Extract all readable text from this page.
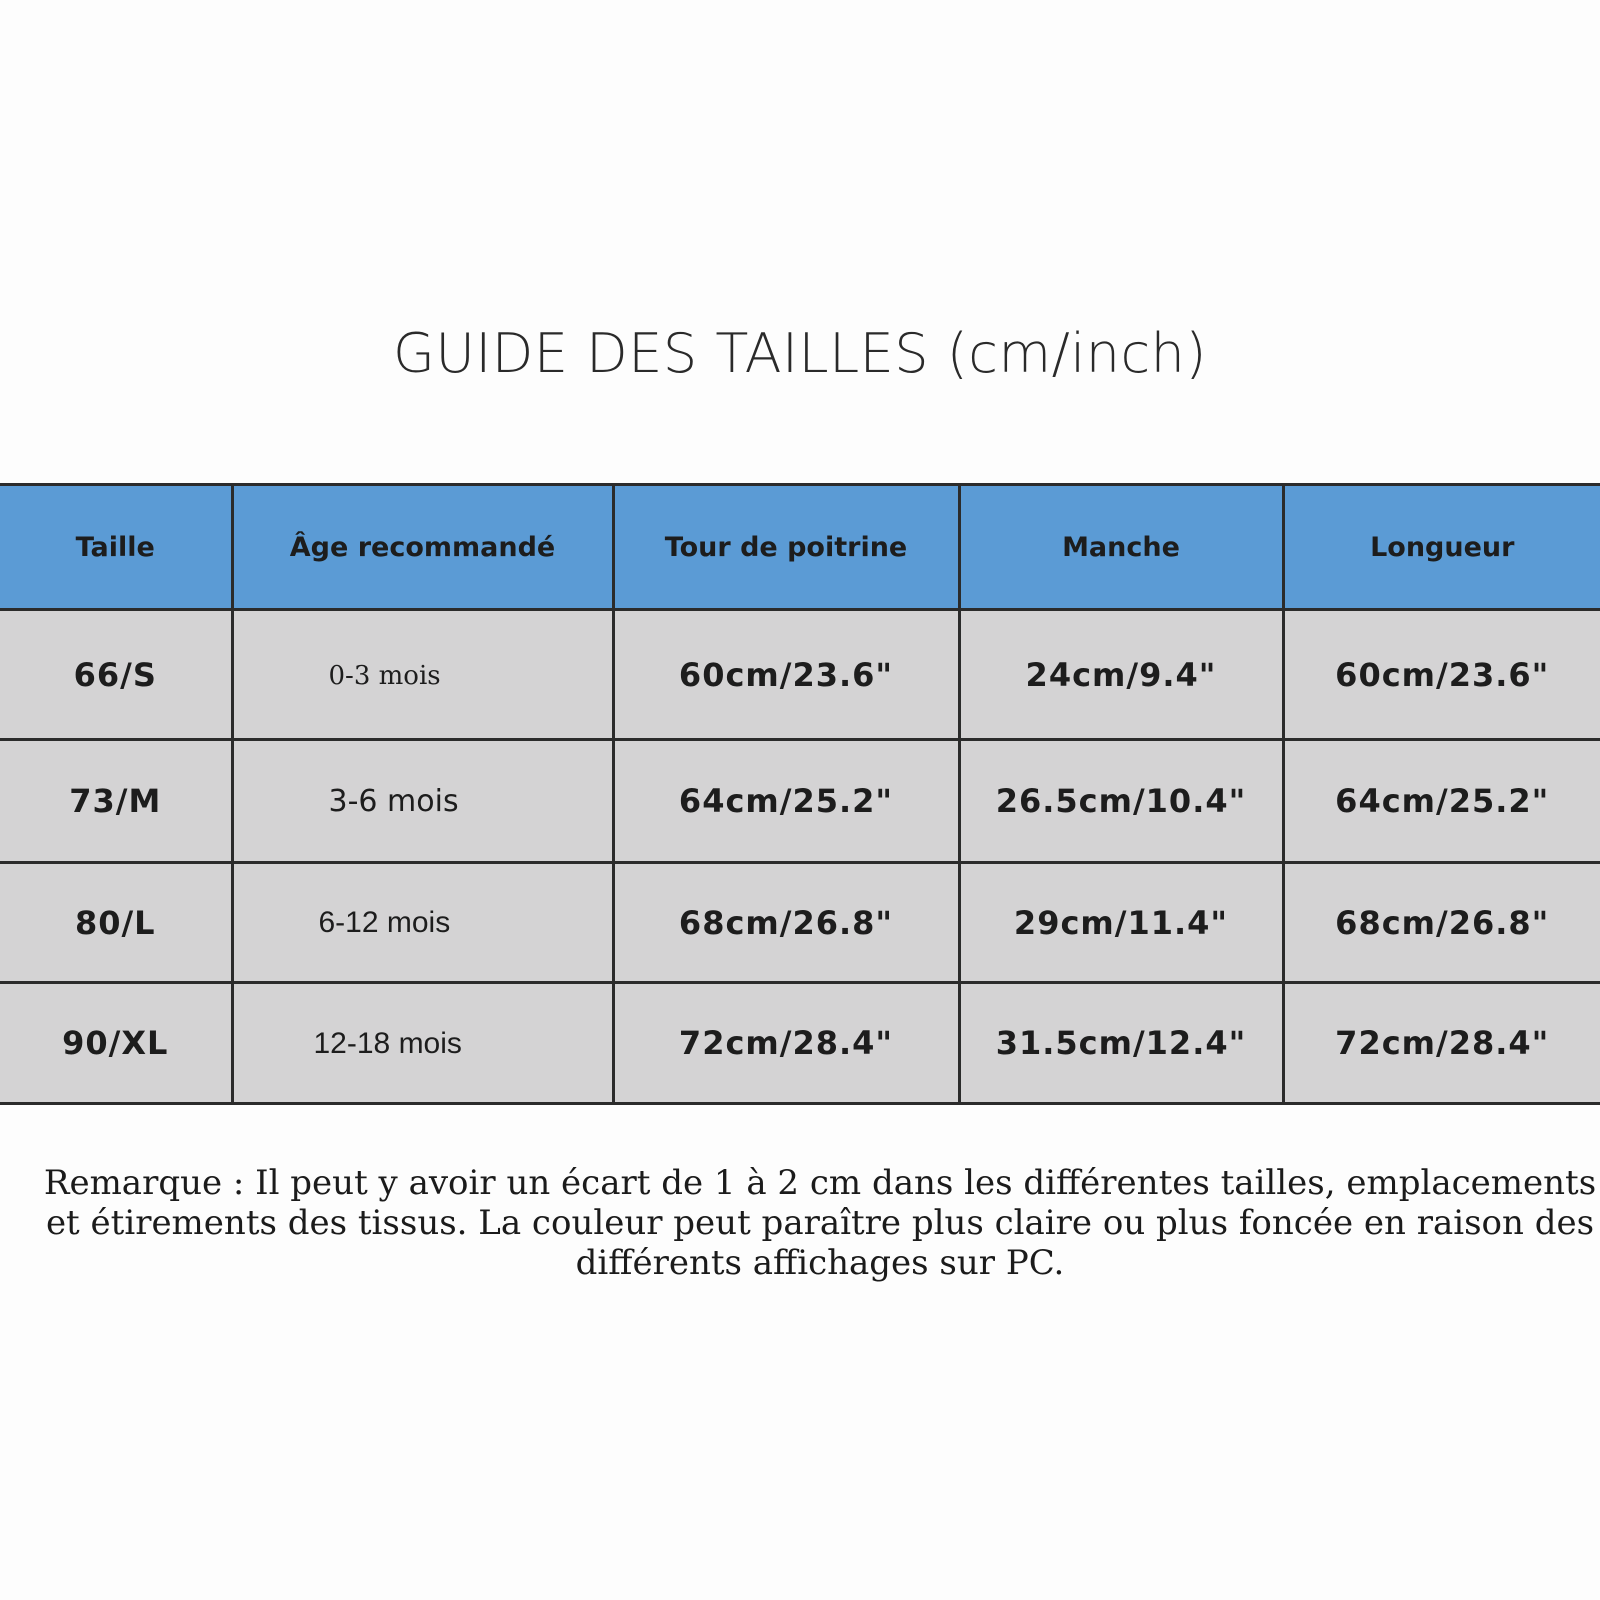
GUIDE DES TAILLES (cm/inch)
Taille	Âge recommandé	Tour de poitrine	Manche	Longueur
66/S	0-3 mois	60cm/23.6"	24cm/9.4"	60cm/23.6"
73/M	3-6 mois	64cm/25.2"	26.5cm/10.4"	64cm/25.2"
80/L	6-12 mois	68cm/26.8"	29cm/11.4"	68cm/26.8"
90/XL	12-18 mois	72cm/28.4"	31.5cm/12.4"	72cm/28.4"
Remarque : Il peut y avoir un écart de 1 à 2 cm dans les différentes tailles, emplacements et étirements des tissus. La couleur peut paraître plus claire ou plus foncée en raison des différents affichages sur PC.
